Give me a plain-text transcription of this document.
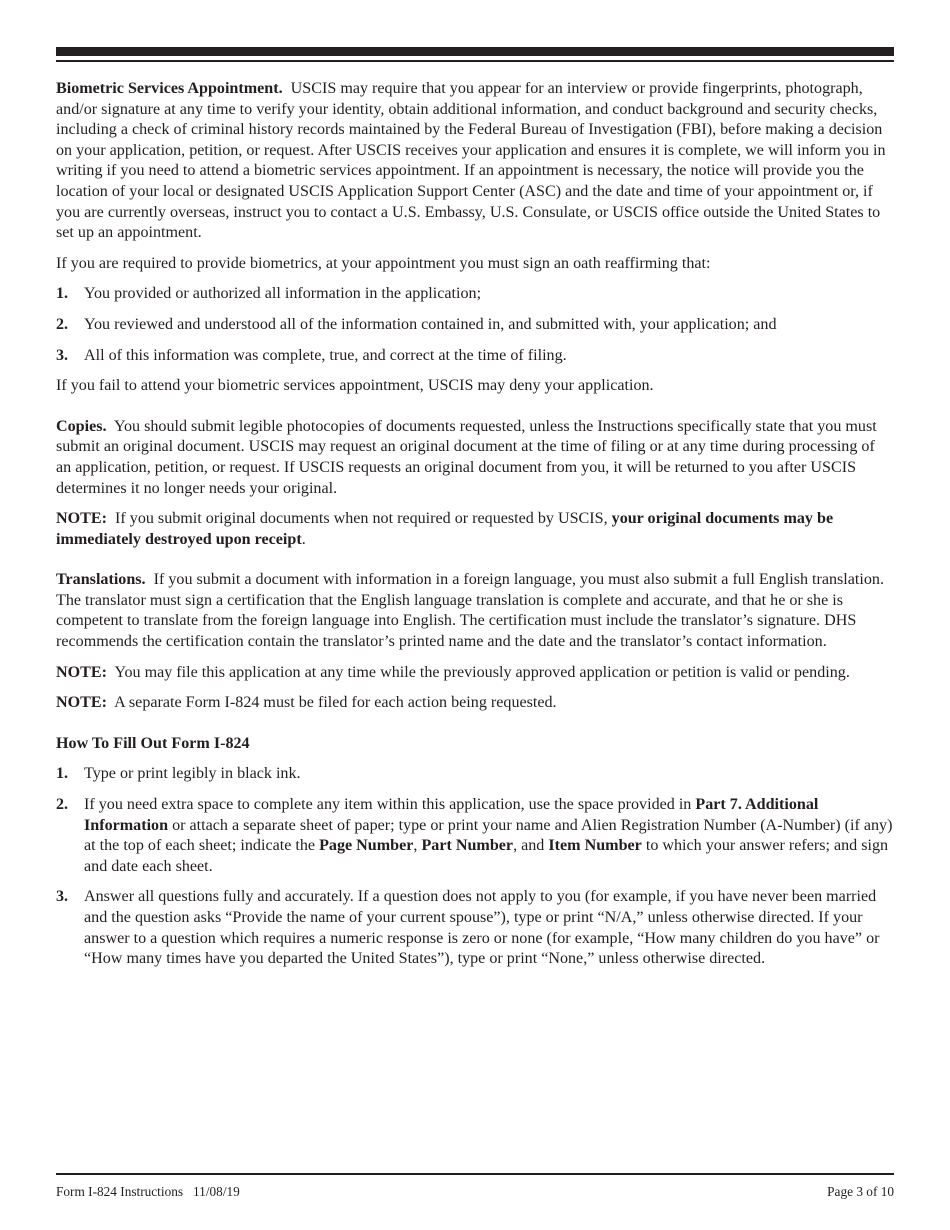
Biometric Services Appointment. USCIS may require that you appear for an interview or provide fingerprints, photograph, and/or signature at any time to verify your identity, obtain additional information, and conduct background and security checks, including a check of criminal history records maintained by the Federal Bureau of Investigation (FBI), before making a decision on your application, petition, or request. After USCIS receives your application and ensures it is complete, we will inform you in writing if you need to attend a biometric services appointment. If an appointment is necessary, the notice will provide you the location of your local or designated USCIS Application Support Center (ASC) and the date and time of your appointment or, if you are currently overseas, instruct you to contact a U.S. Embassy, U.S. Consulate, or USCIS office outside the United States to set up an appointment.

If you are required to provide biometrics, at your appointment you must sign an oath reaffirming that:

1. You provided or authorized all information in the application;
2. You reviewed and understood all of the information contained in, and submitted with, your application; and
3. All of this information was complete, true, and correct at the time of filing.

If you fail to attend your biometric services appointment, USCIS may deny your application.

Copies. You should submit legible photocopies of documents requested, unless the Instructions specifically state that you must submit an original document. USCIS may request an original document at the time of filing or at any time during processing of an application, petition, or request. If USCIS requests an original document from you, it will be returned to you after USCIS determines it no longer needs your original.

NOTE: If you submit original documents when not required or requested by USCIS, your original documents may be immediately destroyed upon receipt.

Translations. If you submit a document with information in a foreign language, you must also submit a full English translation. The translator must sign a certification that the English language translation is complete and accurate, and that he or she is competent to translate from the foreign language into English. The certification must include the translator’s signature. DHS recommends the certification contain the translator’s printed name and the date and the translator’s contact information.

NOTE: You may file this application at any time while the previously approved application or petition is valid or pending.

NOTE: A separate Form I-824 must be filed for each action being requested.

How To Fill Out Form I-824
1. Type or print legibly in black ink.
2. If you need extra space to complete any item within this application, use the space provided in Part 7. Additional Information or attach a separate sheet of paper; type or print your name and Alien Registration Number (A-Number) (if any) at the top of each sheet; indicate the Page Number, Part Number, and Item Number to which your answer refers; and sign and date each sheet.
3. Answer all questions fully and accurately. If a question does not apply to you (for example, if you have never been married and the question asks “Provide the name of your current spouse”), type or print “N/A,” unless otherwise directed. If your answer to a question which requires a numeric response is zero or none (for example, “How many children do you have” or “How many times have you departed the United States”), type or print “None,” unless otherwise directed.
Form I-824 Instructions   11/08/19	Page 3 of 10
